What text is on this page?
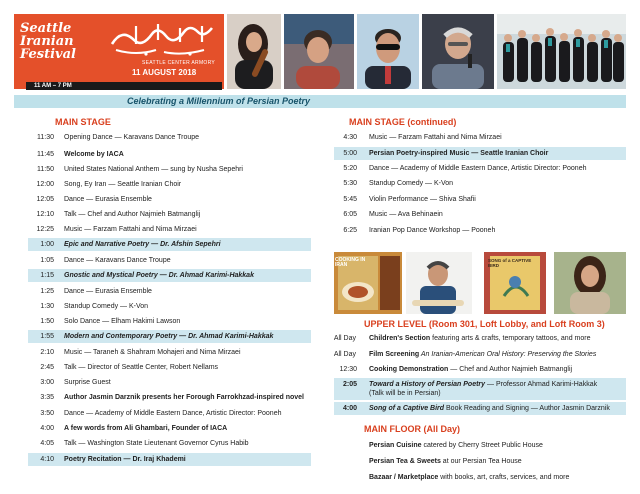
Seattle
Iranian
Festival
SEATTLE CENTER ARMORY
11 AUGUST 2018
11 AM – 7 PM
Celebrating a Millennium of Persian Poetry
MAIN STAGE
11:30 Opening Dance — Karavans Dance Troupe
11:45 Welcome by IACA
11:50 United States National Anthem — sung by Nusha Sepehri
12:00 Song, Ey Iran — Seattle Iranian Choir
12:05 Dance — Eurasia Ensemble
12:10 Talk — Chef and Author Najmieh Batmanglij
12:25 Music — Farzam Fattahi and Nima Mirzaei
1:00 Epic and Narrative Poetry — Dr. Afshin Sepehri
1:05 Dance — Karavans Dance Troupe
1:15 Gnostic and Mystical Poetry — Dr. Ahmad Karimi-Hakkak
1:25 Dance — Eurasia Ensemble
1:30 Standup Comedy — K-Von
1:50 Solo Dance — Elham Hakimi Lawson
1:55 Modern and Contemporary Poetry — Dr. Ahmad Karimi-Hakkak
2:10 Music — Taraneh & Shahram Mohajeri and Nima Mirzaei
2:45 Talk — Director of Seattle Center, Robert Nellams
3:00 Surprise Guest
3:35 Author Jasmin Darznik presents her Forough Farrokhzad-inspired novel
3:50 Dance — Academy of Middle Eastern Dance, Artistic Director: Pooneh
4:00 A few words from Ali Ghambari, Founder of IACA
4:05 Talk — Washington State Lieutenant Governor Cyrus Habib
4:10 Poetry Recitation — Dr. Iraj Khademi
MAIN STAGE (continued)
4:30 Music — Farzam Fattahi and Nima Mirzaei
5:00 Persian Poetry-inspired Music — Seattle Iranian Choir
5:20 Dance — Academy of Middle Eastern Dance, Artistic Director: Pooneh
5:30 Standup Comedy — K-Von
5:45 Violin Performance — Shiva Shafii
6:05 Music — Ava Behinaein
6:25 Iranian Pop Dance Workshop — Pooneh
COOKING IN IRAN
SONG of a CAPTIVE BIRD
UPPER LEVEL (Room 301, Loft Lobby, and Loft Room 3)
All Day Children's Section featuring arts & crafts, temporary tattoos, and more
All Day Film Screening An Iranian-American Oral History: Preserving the Stories
12:30 Cooking Demonstration — Chef and Author Najmieh Batmanglij
2:05 Toward a History of Persian Poetry — Professor Ahmad Karimi-Hakkak
(Talk will be in Persian)
4:00 Song of a Captive Bird Book Reading and Signing — Author Jasmin Darznik
MAIN FLOOR (All Day)
Persian Cuisine catered by Cherry Street Public House
Persian Tea & Sweets at our Persian Tea House
Bazaar / Marketplace with books, art, crafts, services, and more
